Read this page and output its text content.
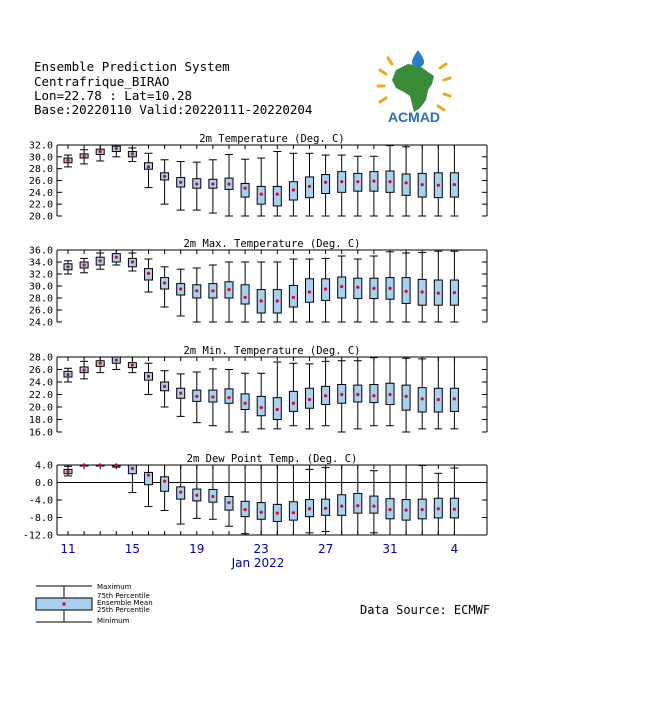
Ensemble Prediction System
Centrafrique_BIRAO
Lon=22.78 : Lat=10.28
Base:20220110 Valid:20220111-20220204	ACMAD
2m Temperature (Deg. C)
32.0
30.0
28.0
26.0
24.0
22.0
20.0
2m Max. Temperature (Deg. C)
36.0
34.0
32.0
30.0
28.0
26.0
24.0
2m Min. Temperature (Deg. C)
28.0
26.0
24.0
22.0
20.0
18.0
16.0
2m Dew Point Temp. (Deg. C)
4.0
0.0
-4.0
-8.0
-12.0
11	15	19	23	27	31	4
Jan 2022
Maximum
75th Percentile
Ensemble Mean
25th Percentile
Minimum
Data Source: ECMWF
